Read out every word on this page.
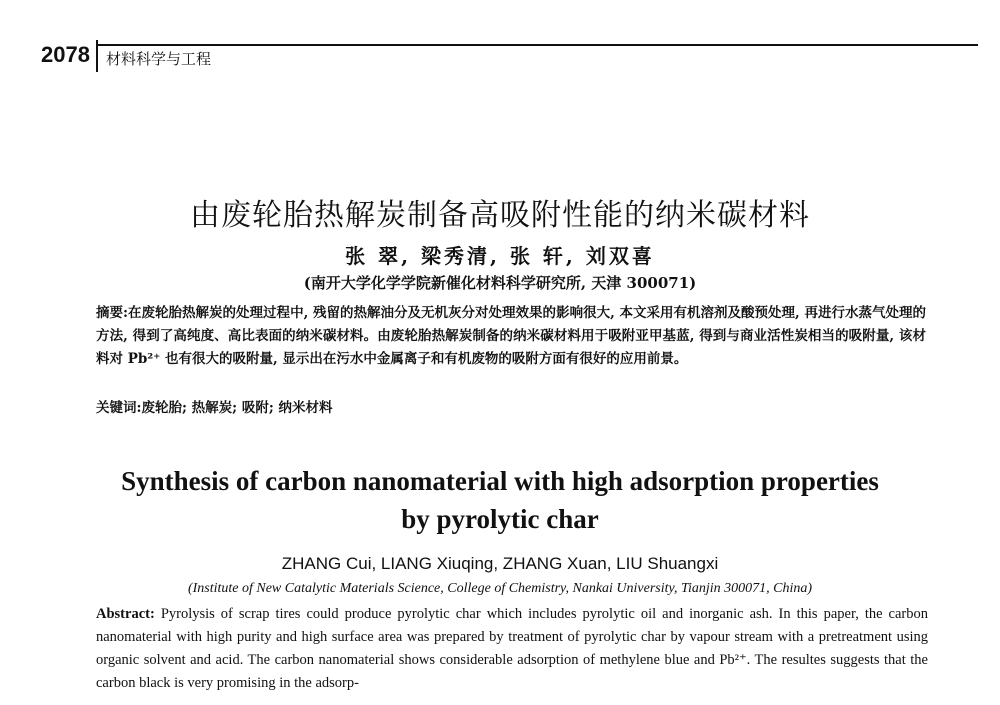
2078 材料科学与工程
由废轮胎热解炭制备高吸附性能的纳米碳材料
张 翠, 梁秀清, 张 轩, 刘双喜
(南开大学化学学院新催化材料科学研究所, 天津 300071)
摘要:在废轮胎热解炭的处理过程中, 残留的热解油分及无机灰分对处理效果的影响很大, 本文采用有机溶剂及酸预处理, 再进行水蒸气处理的方法, 得到了高纯度、高比表面的纳米碳材料。由废轮胎热解炭制备的纳米碳材料用于吸附亚甲基蓝, 得到与商业活性炭相当的吸附量, 该材料对 Pb²⁺ 也有很大的吸附量, 显示出在污水中金属离子和有机废物的吸附方面有很好的应用前景。
关键词:废轮胎; 热解炭; 吸附; 纳米材料
Synthesis of carbon nanomaterial with high adsorption properties
by pyrolytic char
ZHANG Cui, LIANG Xiuqing, ZHANG Xuan, LIU Shuangxi
(Institute of New Catalytic Materials Science, College of Chemistry, Nankai University, Tianjin 300071, China)
Abstract: Pyrolysis of scrap tires could produce pyrolytic char which includes pyrolytic oil and inorganic ash. In this paper, the carbon nanomaterial with high purity and high surface area was prepared by treatment of pyrolytic char by vapour stream with a pretreatment using organic solvent and acid. The carbon nanomaterial shows considerable adsorption of methylene blue and Pb²⁺. The resultes suggests that the carbon black is very promising in the adsorp-
